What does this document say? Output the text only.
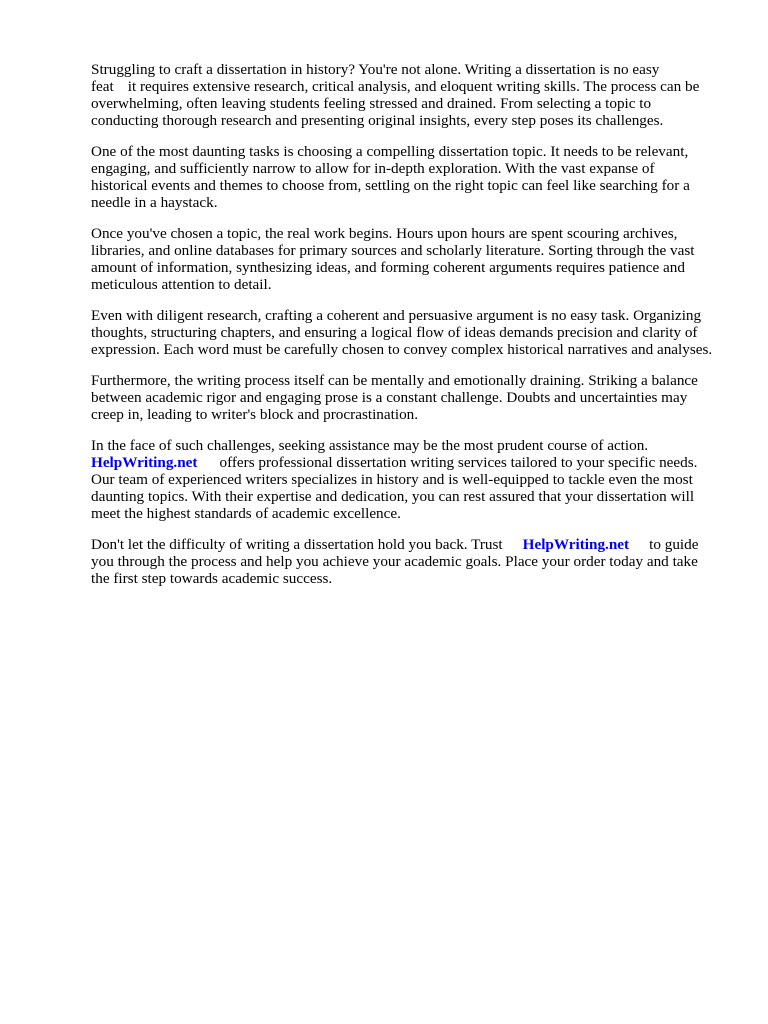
Struggling to craft a dissertation in history? You're not alone. Writing a dissertation is no easy
feat it requires extensive research, critical analysis, and eloquent writing skills. The process can be
overwhelming, often leaving students feeling stressed and drained. From selecting a topic to
conducting thorough research and presenting original insights, every step poses its challenges.

One of the most daunting tasks is choosing a compelling dissertation topic. It needs to be relevant,
engaging, and sufficiently narrow to allow for in-depth exploration. With the vast expanse of
historical events and themes to choose from, settling on the right topic can feel like searching for a
needle in a haystack.

Once you've chosen a topic, the real work begins. Hours upon hours are spent scouring archives,
libraries, and online databases for primary sources and scholarly literature. Sorting through the vast
amount of information, synthesizing ideas, and forming coherent arguments requires patience and
meticulous attention to detail.

Even with diligent research, crafting a coherent and persuasive argument is no easy task. Organizing
thoughts, structuring chapters, and ensuring a logical flow of ideas demands precision and clarity of
expression. Each word must be carefully chosen to convey complex historical narratives and analyses.

Furthermore, the writing process itself can be mentally and emotionally draining. Striking a balance
between academic rigor and engaging prose is a constant challenge. Doubts and uncertainties may
creep in, leading to writer's block and procrastination.

In the face of such challenges, seeking assistance may be the most prudent course of action.
HelpWriting.net offers professional dissertation writing services tailored to your specific needs.
Our team of experienced writers specializes in history and is well-equipped to tackle even the most
daunting topics. With their expertise and dedication, you can rest assured that your dissertation will
meet the highest standards of academic excellence.

Don't let the difficulty of writing a dissertation hold you back. Trust HelpWriting.net to guide
you through the process and help you achieve your academic goals. Place your order today and take
the first step towards academic success.
